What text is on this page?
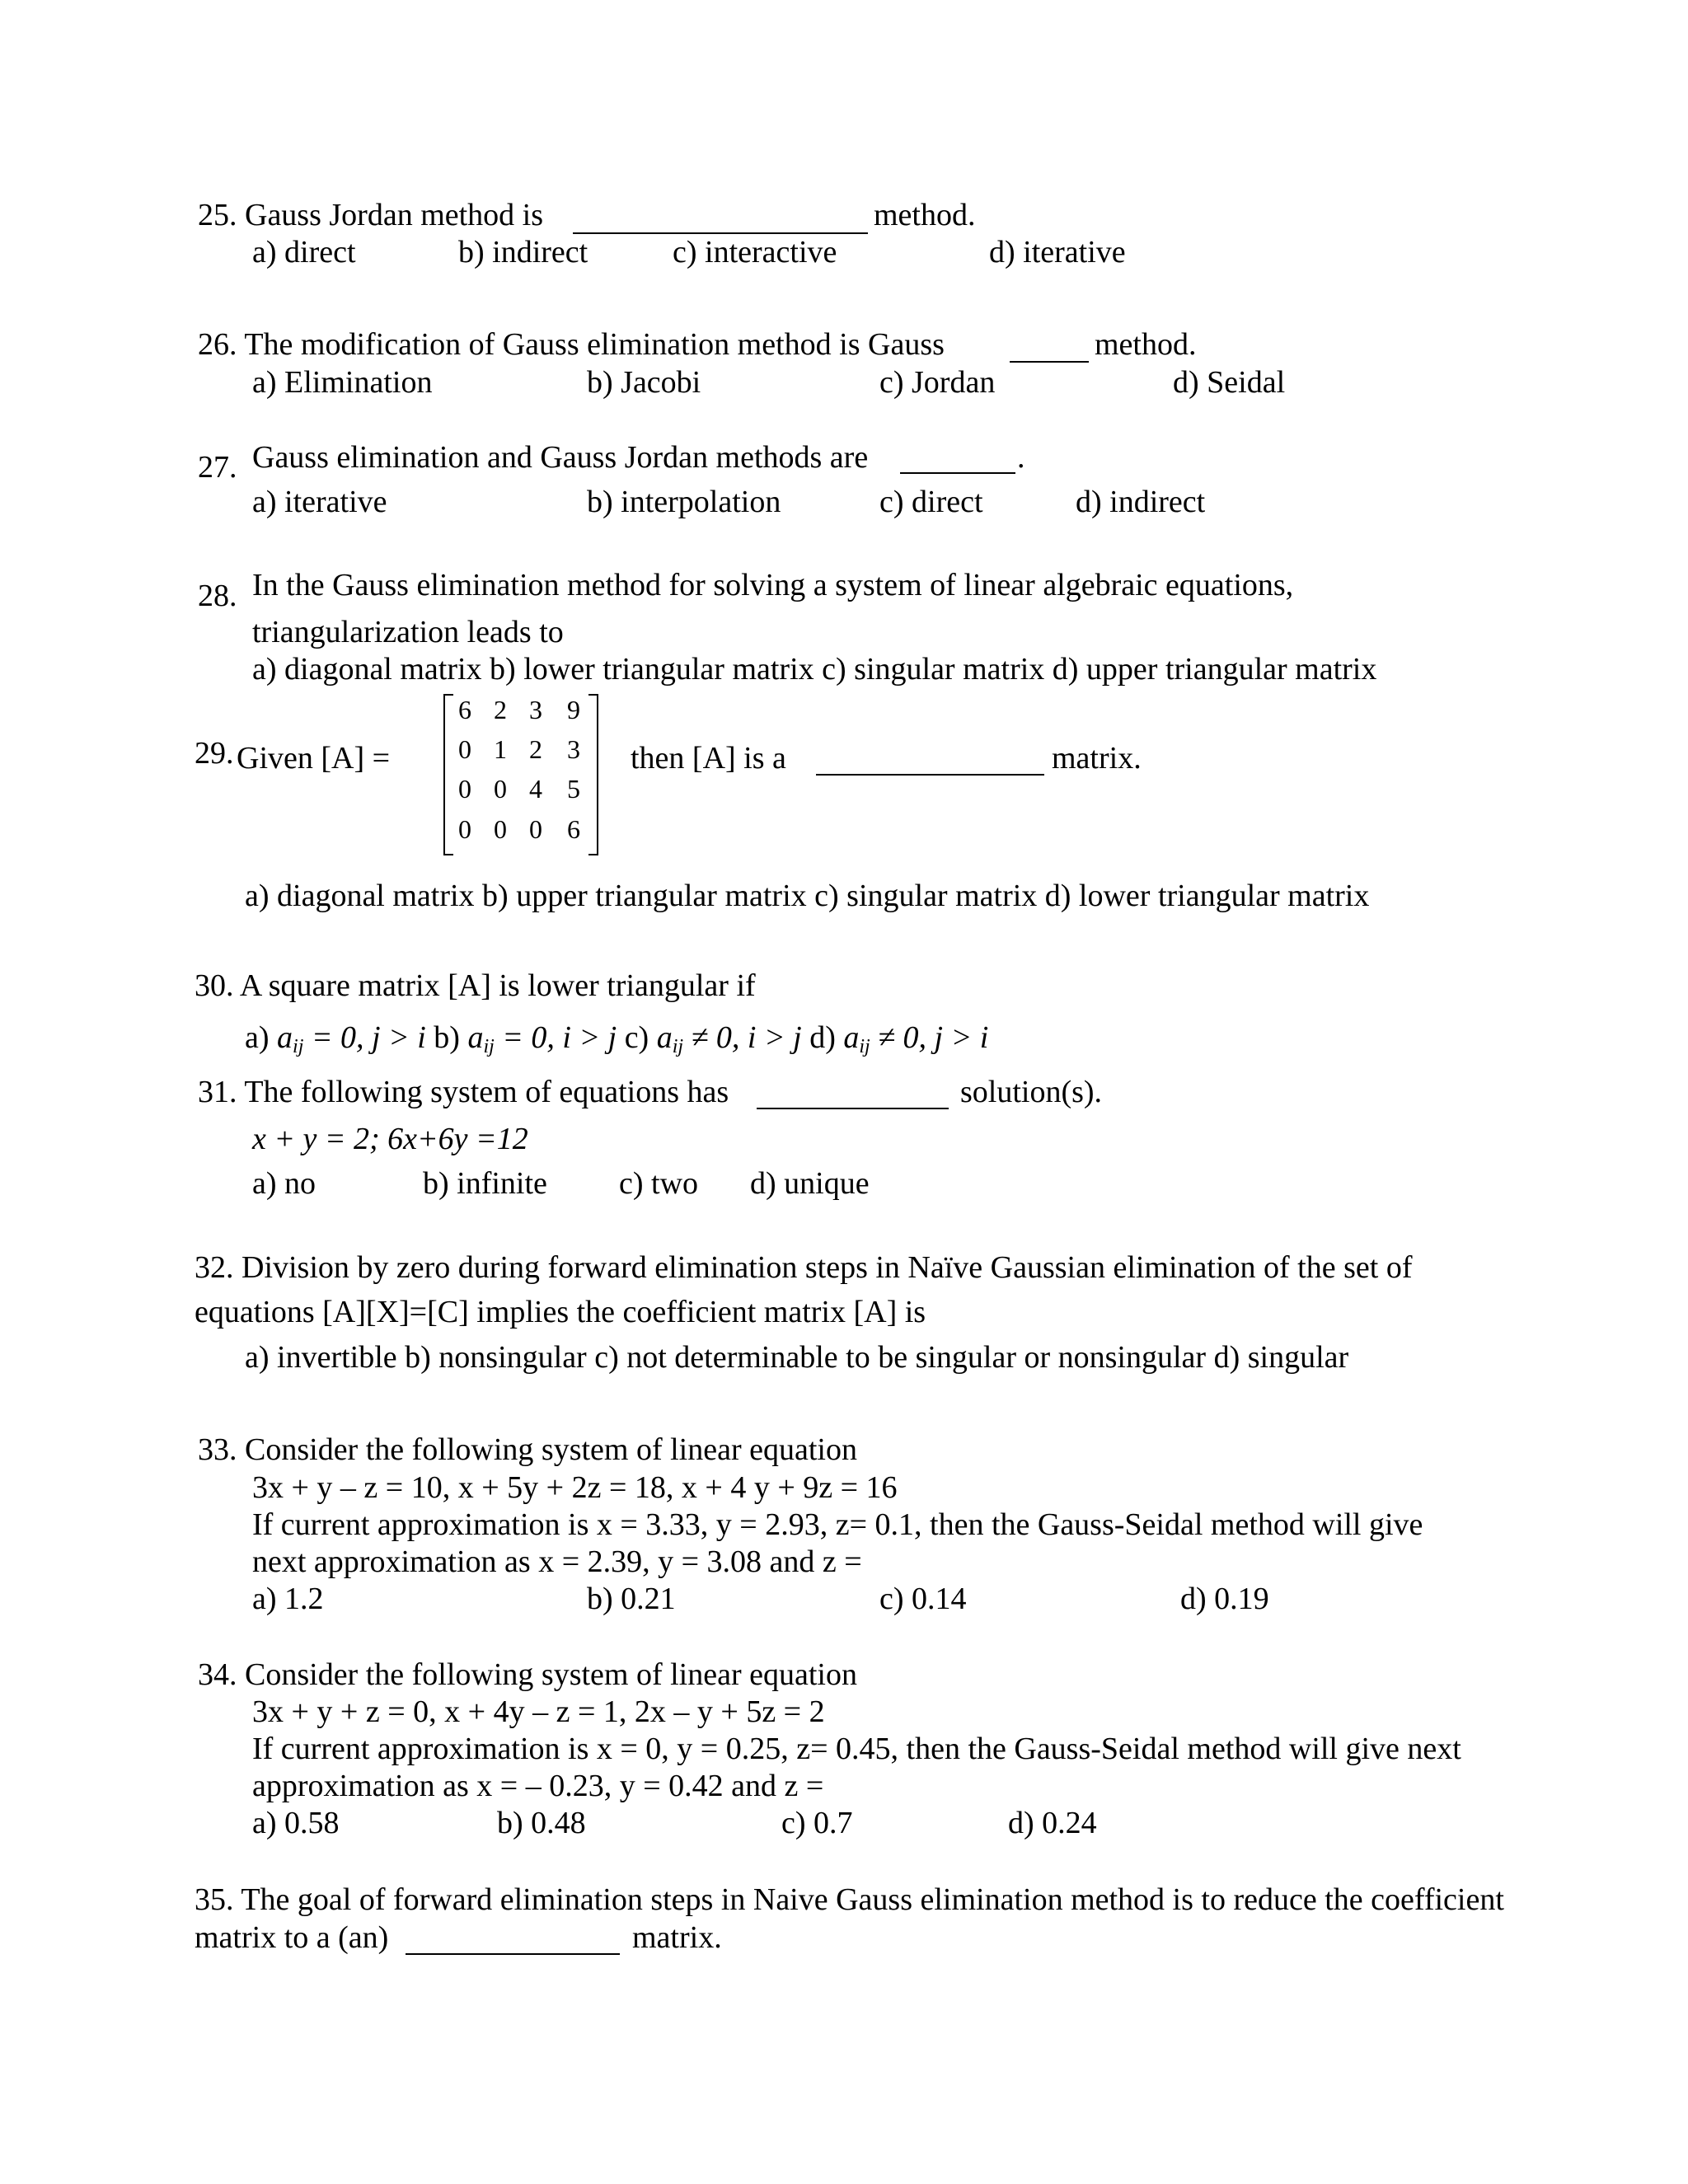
25. Gauss Jordan method is	method.
a) direct	b) indirect	c) interactive	d) iterative
26. The modification of Gauss elimination method is Gauss	method.
a) Elimination	b) Jacobi	c) Jordan	d) Seidal
27. Gauss elimination and Gauss Jordan methods are	.
a) iterative	b) interpolation	c) direct	d) indirect
28. In the Gauss elimination method for solving a system of linear algebraic equations,
triangularization leads to
a) diagonal matrix b) lower triangular matrix c) singular matrix d) upper triangular matrix
29. Given [A] =
6 2 3 9
0 1 2 3
0 0 4 5
0 0 0 6
then [A] is a	matrix.
a) diagonal matrix b) upper triangular matrix c) singular matrix d) lower triangular matrix
30. A square matrix [A] is lower triangular if
a) $a_{ij} = 0$, j > i b) $a_{ij} = 0$, i > j c) $a_{ij} \ne 0$, i > j d) $a_{ij} \ne 0$, j > i
31. The following system of equations has	solution(s).
x + y = 2; 6x+6y =12
a) no	b) infinite c) two d) unique
32. Division by zero during forward elimination steps in Naïve Gaussian elimination of the set of
equations [A][X]=[C] implies the coefficient matrix [A] is
a) invertible b) nonsingular c) not determinable to be singular or nonsingular d) singular
33. Consider the following system of linear equation
3x + y – z = 10, x + 5y + 2z = 18, x + 4 y + 9z = 16
If current approximation is x = 3.33, y = 2.93, z= 0.1, then the Gauss-Seidal method will give
next approximation as x = 2.39, y = 3.08 and z =
a) 1.2	b) 0.21	c) 0.14	d) 0.19
34. Consider the following system of linear equation
3x + y + z = 0, x + 4y – z = 1, 2x – y + 5z = 2
If current approximation is x = 0, y = 0.25, z= 0.45, then the Gauss-Seidal method will give next
approximation as x = – 0.23, y = 0.42 and z =
a) 0.58	b) 0.48	c) 0.7	d) 0.24
35. The goal of forward elimination steps in Naive Gauss elimination method is to reduce the coefficient
matrix to a (an)	matrix.
